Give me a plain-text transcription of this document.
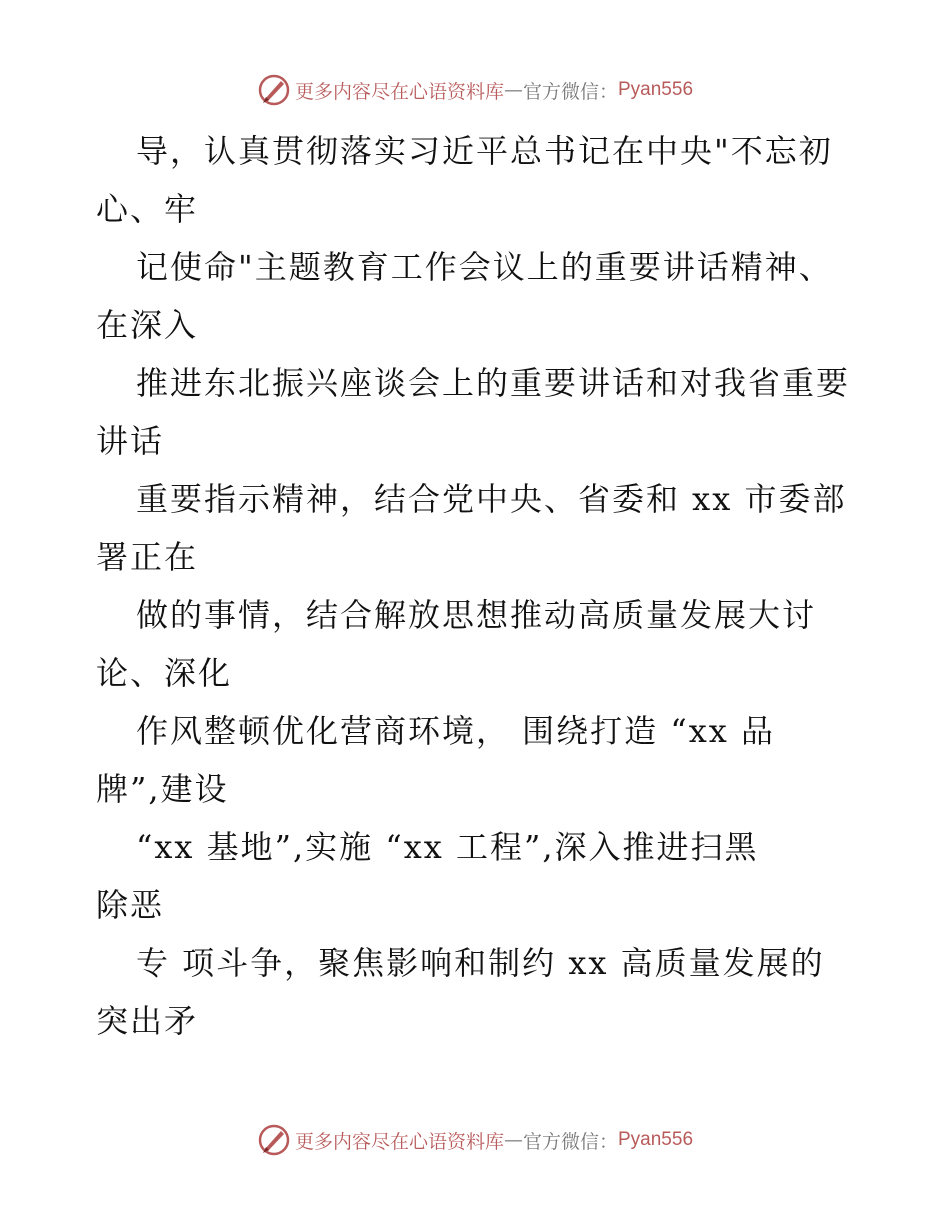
更多内容尽在心语资料库 — 官方微信： Pyan556
导，认真贯彻落实习近平总书记在中央"不忘初
心、牢
记使命"主题教育工作会议上的重要讲话精神、
在深入
推进东北振兴座谈会上的重要讲话和对我省重要
讲话
重要指示精神，结合党中央、省委和 xx 市委部
署正在
做的事情，结合解放思想推动高质量发展大讨
论、深化
作风整顿优化营商环境， 围绕打造 “xx 品
牌”,建设
“xx 基地”,实施 “xx 工程”,深入推进扫黑
除恶
专 项斗争，聚焦影响和制约 xx 高质量发展的
突出矛
更多内容尽在心语资料库 — 官方微信： Pyan556
